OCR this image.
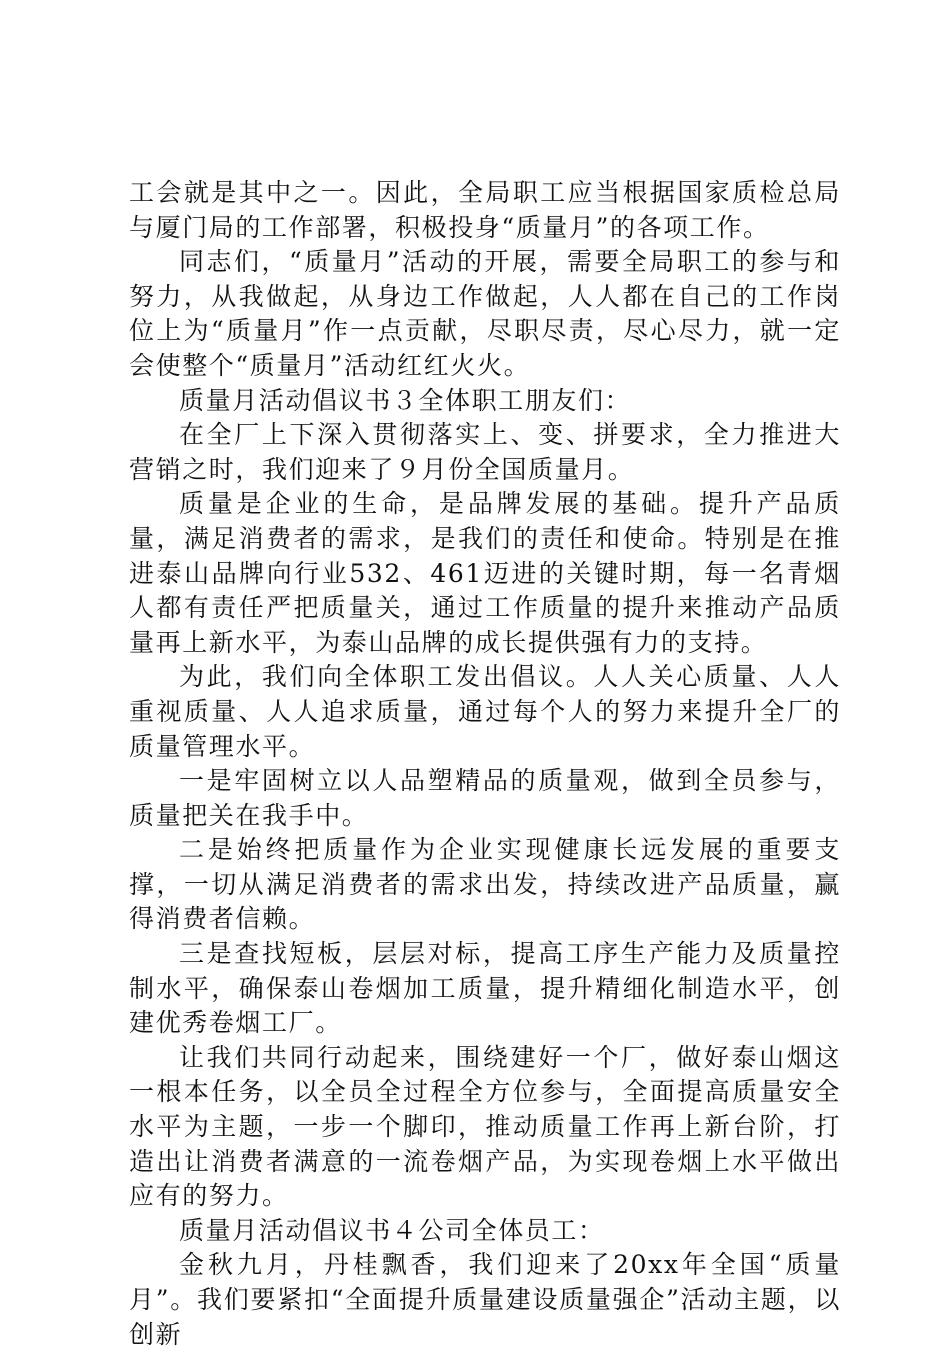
工会就是其中之一。因此，全局职工应当根据国家质检总局与厦门局的工作部署，积极投身“质量月”的各项工作。

同志们，“质量月”活动的开展，需要全局职工的参与和努力，从我做起，从身边工作做起，人人都在自己的工作岗位上为“质量月”作一点贡献，尽职尽责，尽心尽力，就一定会使整个“质量月”活动红红火火。

质量月活动倡议书３全体职工朋友们：

在全厂上下深入贯彻落实上、变、拼要求，全力推进大营销之时，我们迎来了９月份全国质量月。

质量是企业的生命，是品牌发展的基础。提升产品质量，满足消费者的需求，是我们的责任和使命。特别是在推进泰山品牌向行业532、461迈进的关键时期，每一名青烟人都有责任严把质量关，通过工作质量的提升来推动产品质量再上新水平，为泰山品牌的成长提供强有力的支持。

为此，我们向全体职工发出倡议。人人关心质量、人人重视质量、人人追求质量，通过每个人的努力来提升全厂的质量管理水平。

一是牢固树立以人品塑精品的质量观，做到全员参与，质量把关在我手中。

二是始终把质量作为企业实现健康长远发展的重要支撑，一切从满足消费者的需求出发，持续改进产品质量，赢得消费者信赖。

三是查找短板，层层对标，提高工序生产能力及质量控制水平，确保泰山卷烟加工质量，提升精细化制造水平，创建优秀卷烟工厂。

让我们共同行动起来，围绕建好一个厂，做好泰山烟这一根本任务，以全员全过程全方位参与，全面提高质量安全水平为主题，一步一个脚印，推动质量工作再上新台阶，打造出让消费者满意的一流卷烟产品，为实现卷烟上水平做出应有的努力。

质量月活动倡议书４公司全体员工：

金秋九月，丹桂飘香，我们迎来了20xx年全国“质量月”。我们要紧扣“全面提升质量建设质量强企”活动主题，以创新
